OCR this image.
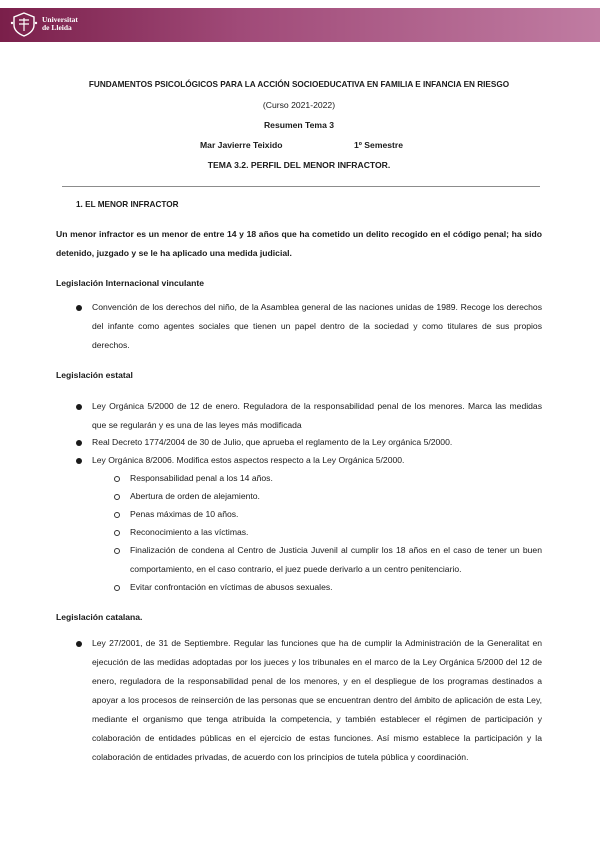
Universitat
de Lleida
FUNDAMENTOS PSICOLÓGICOS PARA LA ACCIÓN SOCIOEDUCATIVA EN FAMILIA E INFANCIA EN RIESGO
(Curso 2021-2022)
Resumen Tema 3
Mar Javierre Teixido	1º Semestre
TEMA 3.2. PERFIL DEL MENOR INFRACTOR.
1. EL MENOR INFRACTOR
Un menor infractor es un menor de entre 14 y 18 años que ha cometido un delito recogido en el código penal; ha sido detenido, juzgado y se le ha aplicado una medida judicial.
Legislación Internacional vinculante
Convención de los derechos del niño, de la Asamblea general de las naciones unidas de 1989. Recoge los derechos del infante como agentes sociales que tienen un papel dentro de la sociedad y como titulares de sus propios derechos.
Legislación estatal
Ley Orgánica 5/2000 de 12 de enero. Reguladora de la responsabilidad penal de los menores. Marca las medidas que se regularán y es una de las leyes más modificada
Real Decreto 1774/2004 de 30 de Julio, que aprueba el reglamento de la Ley orgánica 5/2000.
Ley Orgánica 8/2006. Modifica estos aspectos respecto a la Ley Orgánica 5/2000.
Responsabilidad penal a los 14 años.
Abertura de orden de alejamiento.
Penas máximas de 10 años.
Reconocimiento a las víctimas.
Finalización de condena al Centro de Justicia Juvenil al cumplir los 18 años en el caso de tener un buen comportamiento, en el caso contrario, el juez puede derivarlo a un centro penitenciario.
Evitar confrontación en víctimas de abusos sexuales.
Legislación catalana.
Ley 27/2001, de 31 de Septiembre. Regular las funciones que ha de cumplir la Administración de la Generalitat en ejecución de las medidas adoptadas por los jueces y los tribunales en el marco de la Ley Orgánica 5/2000 del 12 de enero, reguladora de la responsabilidad penal de los menores, y en el despliegue de los programas destinados a apoyar a los procesos de reinserción de las personas que se encuentran dentro del ámbito de aplicación de esta Ley, mediante el organismo que tenga atribuida la competencia, y también establecer el régimen de participación y colaboración de entidades públicas en el ejercicio de estas funciones. Así mismo establece la participación y la colaboración de entidades privadas, de acuerdo con los principios de tutela pública y coordinación.
